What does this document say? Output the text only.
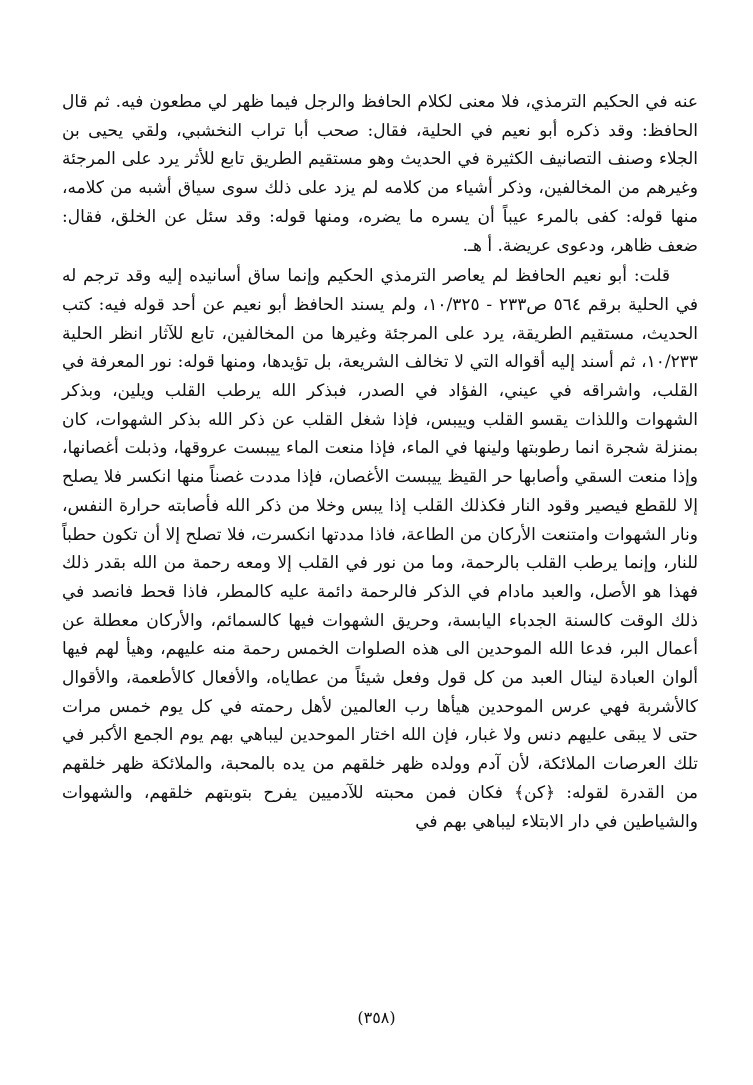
عنه في الحكيم الترمذي، فلا معنى لكلام الحافظ والرجل فيما ظهر لي مطعون فيه. ثم قال الحافظ: وقد ذكره أبو نعيم في الحلية، فقال: صحب أبا تراب النخشبي، ولقي يحيى بن الجلاء وصنف التصانيف الكثيرة في الحديث وهو مستقيم الطريق تابع للأثر يرد على المرجئة وغيرهم من المخالفين، وذكر أشياء من كلامه لم يزد على ذلك سوى سياق أشبه من كلامه، منها قوله: كفى بالمرء عيباً أن يسره ما يضره، ومنها قوله: وقد سئل عن الخلق، فقال: ضعف ظاهر، ودعوى عريضة. أ هـ.

قلت: أبو نعيم الحافظ لم يعاصر الترمذي الحكيم وإنما ساق أسانيده إليه وقد ترجم له في الحلية برقم ٥٦٤ ص٢٣٣ - ١٠/٣٢٥، ولم يسند الحافظ أبو نعيم عن أحد قوله فيه: كتب الحديث، مستقيم الطريقة، يرد على المرجئة وغيرها من المخالفين، تابع للآثار انظر الحلية ١٠/٢٣٣، ثم أسند إليه أقواله التي لا تخالف الشريعة، بل تؤيدها، ومنها قوله: نور المعرفة في القلب، واشراقه في عيني، الفؤاد في الصدر، فبذكر الله يرطب القلب ويلين، وبذكر الشهوات واللذات يقسو القلب وييبس، فإذا شغل القلب عن ذكر الله بذكر الشهوات، كان بمنزلة شجرة انما رطوبتها ولينها في الماء، فإذا منعت الماء ييبست عروقها، وذبلت أغصانها، وإذا منعت السقي وأصابها حر القيظ ييبست الأغصان، فإذا مددت غصناً منها انكسر فلا يصلح إلا للقطع فيصير وقود النار فكذلك القلب إذا يبس وخلا من ذكر الله فأصابته حرارة النفس، ونار الشهوات وامتنعت الأركان من الطاعة، فاذا مددتها انكسرت، فلا تصلح إلا أن تكون حطباً للنار، وإنما يرطب القلب بالرحمة، وما من نور في القلب إلا ومعه رحمة من الله بقدر ذلك فهذا هو الأصل، والعبد مادام في الذكر فالرحمة دائمة عليه كالمطر، فاذا قحط فانصد في ذلك الوقت كالسنة الجدباء اليابسة، وحريق الشهوات فيها كالسمائم، والأركان معطلة عن أعمال البر، فدعا الله الموحدين الى هذه الصلوات الخمس رحمة منه عليهم، وهيأ لهم فيها ألوان العبادة لينال العبد من كل قول وفعل شيئاً من عطاياه، والأفعال كالأطعمة، والأقوال كالأشربة فهي عرس الموحدين هيأها رب العالمين لأهل رحمته في كل يوم خمس مرات حتى لا يبقى عليهم دنس ولا غبار، فإن الله اختار الموحدين ليباهي بهم يوم الجمع الأكبر في تلك العرصات الملائكة، لأن آدم وولده ظهر خلقهم من يده بالمحبة، والملائكة ظهر خلقهم من القدرة لقوله: ﴿كن﴾ فكان فمن محبته للآدميين يفرح بتوبتهم خلقهم، والشهوات والشياطين في دار الابتلاء ليباهي بهم في

(٣٥٨)
